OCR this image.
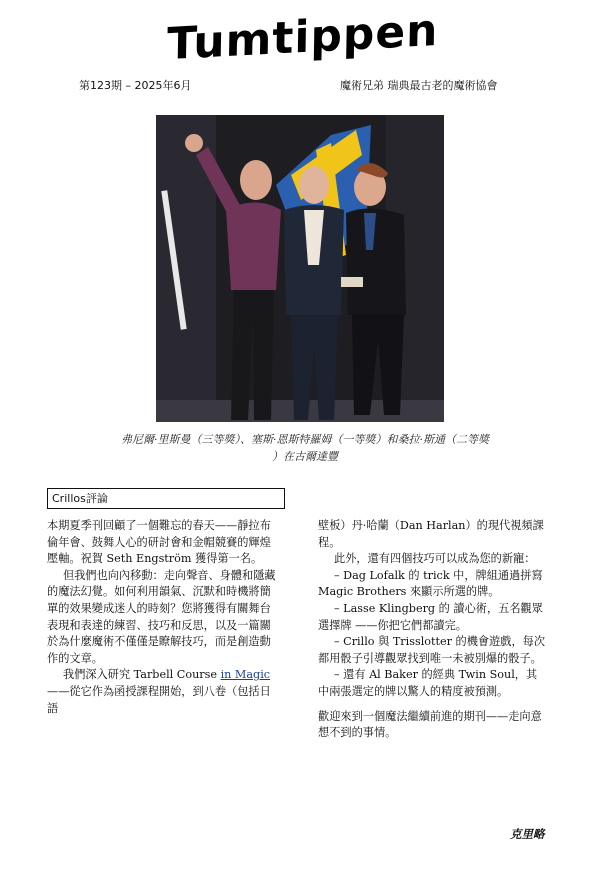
Tumtippen
第123期 – 2025年6月	魔術兄弟 瑞典最古老的魔術協會
弗尼爾·里斯曼（三等獎）、塞斯·恩斯特羅姆（一等獎）和桑拉·斯通（二等獎
）在古爾達豐
Crillos評論

本期夏季刊回顧了一個難忘的春天——靜拉布倫年會、鼓舞人心的研討會和金帽競賽的輝煌壓軸。祝賀 Seth Engström 獲得第一名。

但我們也向內移動：走向聲音、身體和隱藏的魔法幻覺。如何利用韻氣、沉默和時機將簡單的效果變成迷人的時刻？您將獲得有關舞台表現和表達的練習、技巧和反思，以及一篇關於為什麼魔術不僅僅是瞭解技巧，而是創造動作的文章。

我們深入研究 Tarbell Course in Magic——從它作為函授課程開始，到八卷（包括日語

壁板）丹·哈蘭（Dan Harlan）的現代視頻課程。

此外，還有四個技巧可以成為您的新寵：

– Dag Lofalk 的 trick 中，牌組通過拼寫 Magic Brothers 來顯示所選的牌。

– Lasse Klingberg 的 讀心術，五名觀眾選擇牌 ——你把它們都讀完。

– Crillo 與 Trisslotter 的機會遊戲，每次都用骰子引導觀眾找到唯一未被別爆的骰子。

– 還有 Al Baker 的經典 Twin Soul，其中兩張選定的牌以驚人的精度被預測。

歡迎來到一個魔法繼續前進的期刊——走向意想不到的事情。

克里略
